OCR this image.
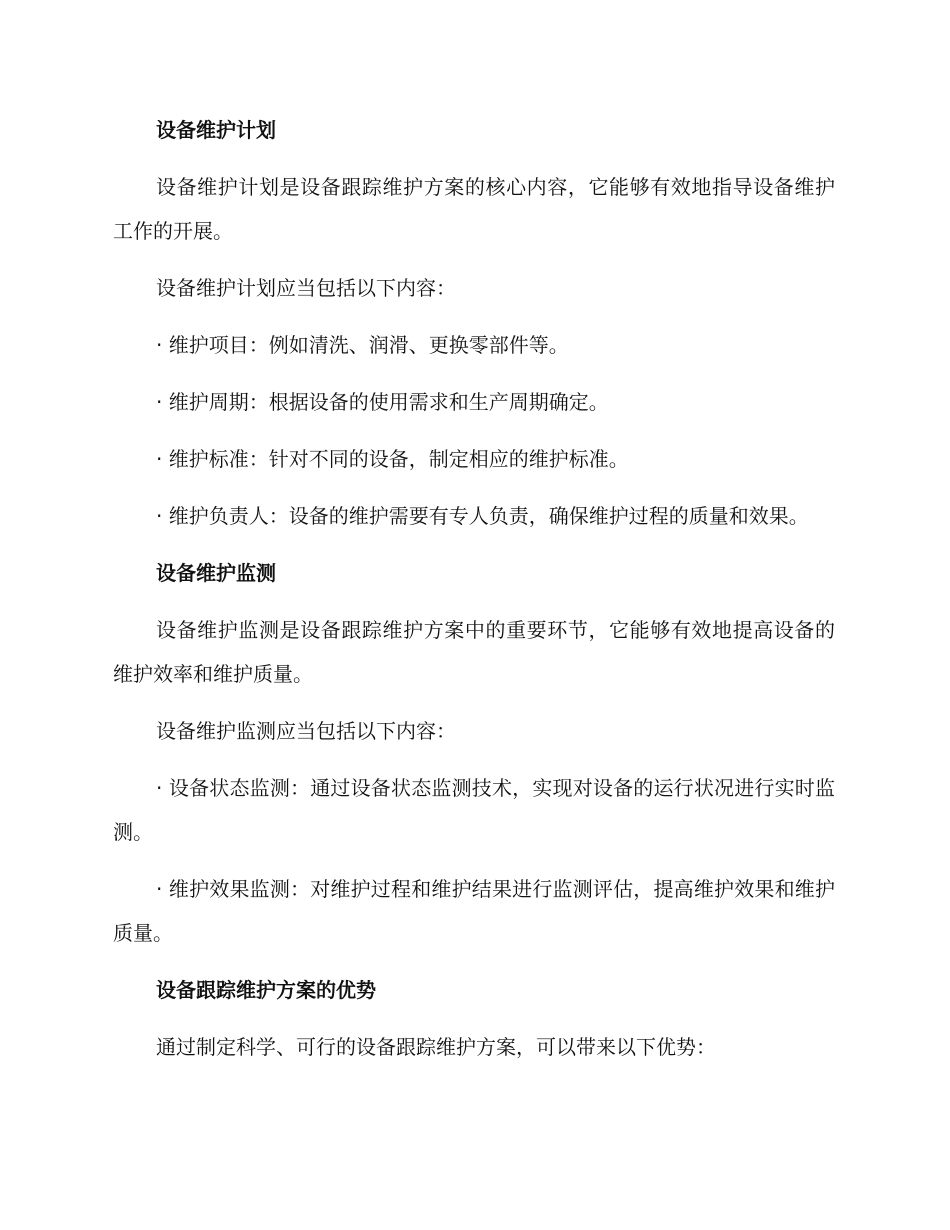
设备维护计划

设备维护计划是设备跟踪维护方案的核心内容，它能够有效地指导设备维护工作的开展。

设备维护计划应当包括以下内容：

· 维护项目：例如清洗、润滑、更换零部件等。

· 维护周期：根据设备的使用需求和生产周期确定。

· 维护标准：针对不同的设备，制定相应的维护标准。

· 维护负责人：设备的维护需要有专人负责，确保维护过程的质量和效果。

设备维护监测

设备维护监测是设备跟踪维护方案中的重要环节，它能够有效地提高设备的维护效率和维护质量。

设备维护监测应当包括以下内容：

· 设备状态监测：通过设备状态监测技术，实现对设备的运行状况进行实时监测。

· 维护效果监测：对维护过程和维护结果进行监测评估，提高维护效果和维护质量。

设备跟踪维护方案的优势

通过制定科学、可行的设备跟踪维护方案，可以带来以下优势：
